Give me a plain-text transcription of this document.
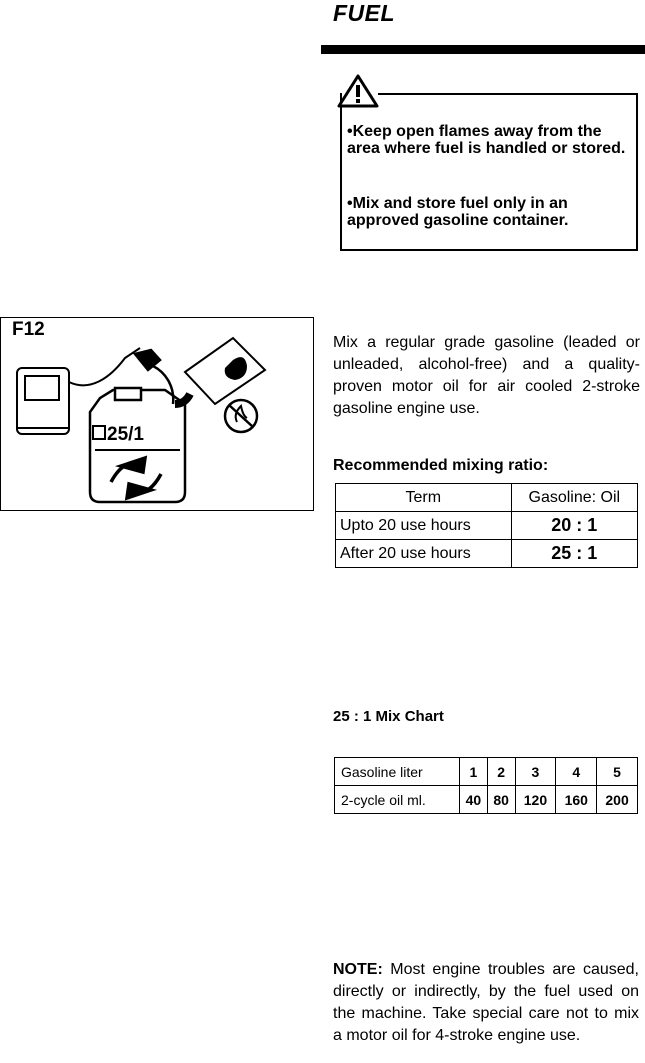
FUEL
•Keep open flames away from the area where fuel is handled or stored.
•Mix and store fuel only in an approved gasoline container.
F12
25/1
Mix a regular grade gasoline (leaded or unleaded, alcohol-free) and a quality-proven motor oil for air cooled 2-stroke gasoline engine use.
Recommended mixing ratio:
Term	Gasoline: Oil
Upto 20 use hours	20 : 1
After 20 use hours	25 : 1
25 : 1 Mix Chart
Gasoline liter	1	2	3	4	5
2-cycle oil ml.	40	80	120	160	200
NOTE: Most engine troubles are caused, directly or indirectly, by the fuel used on the machine. Take special care not to mix a motor oil for 4-stroke engine use.
